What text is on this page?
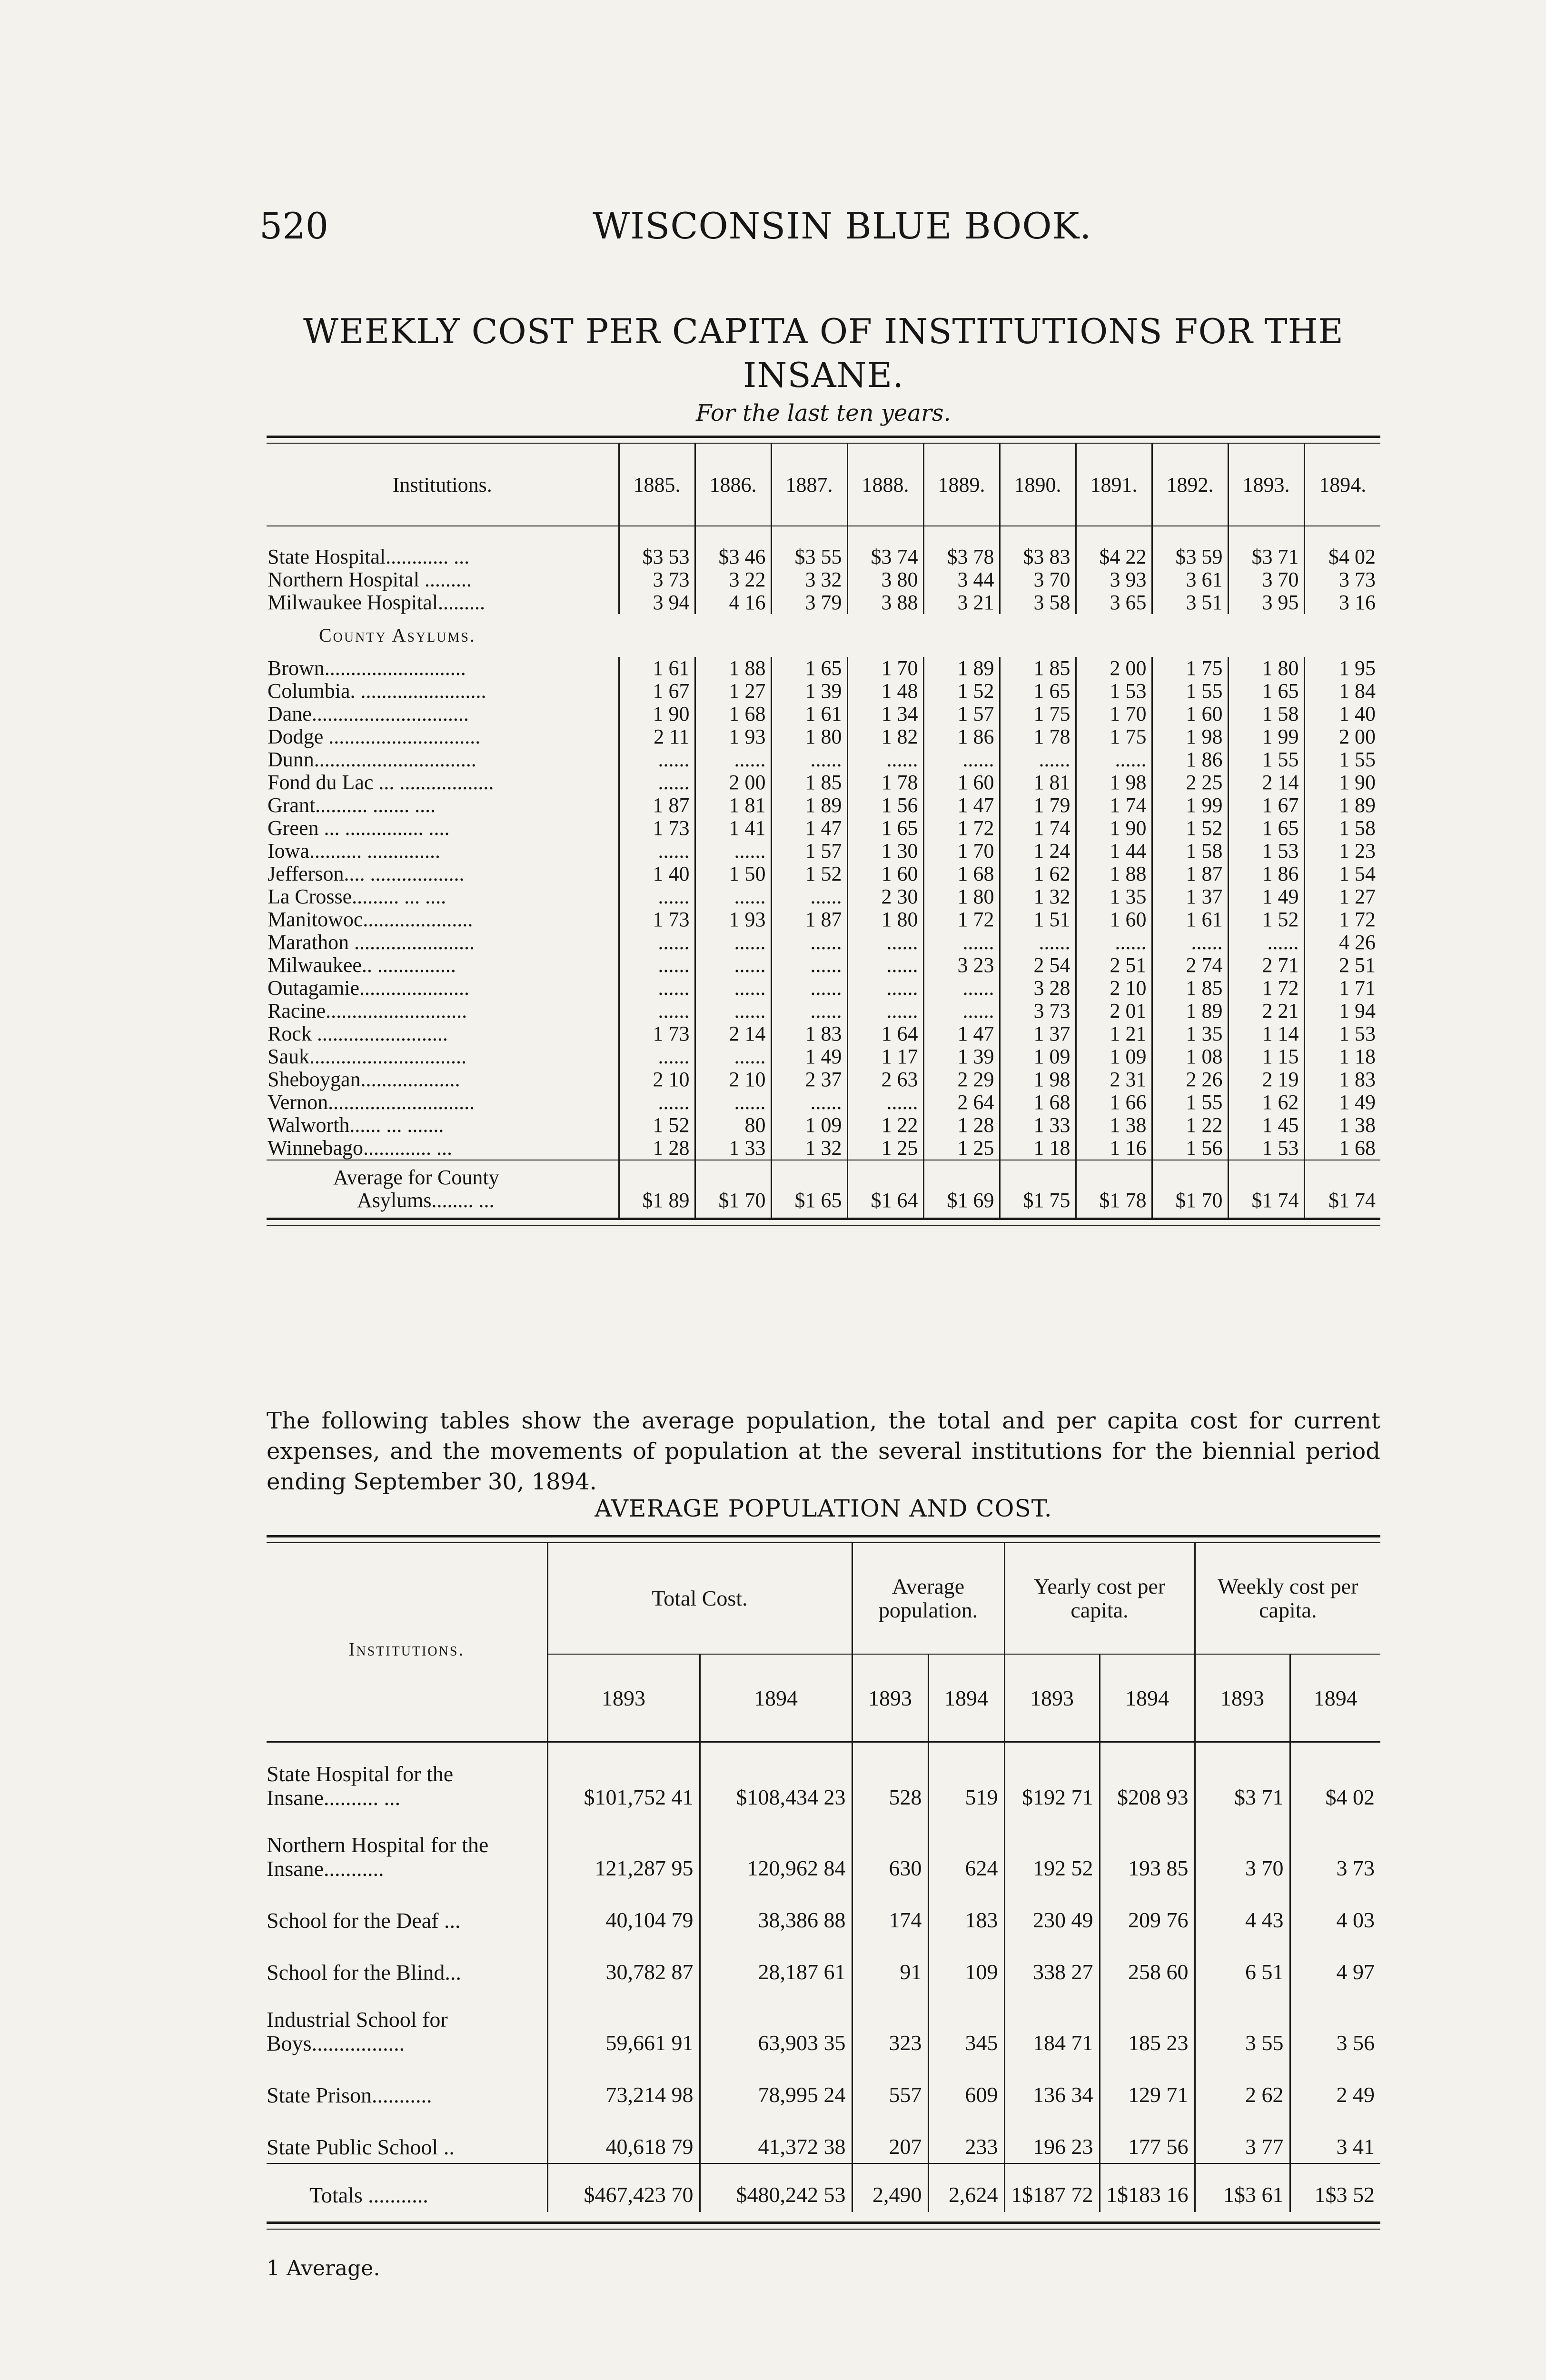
520	WISCONSIN BLUE BOOK.
WEEKLY COST PER CAPITA OF INSTITUTIONS FOR THE
INSANE.
For the last ten years.
Institutions.	1885.	1886.	1887.	1888.	1889.	1890.	1891.	1892.	1893.	1894.

State Hospital............ ...	$3 53	$3 46	$3 55	$3 74	$3 78	$3 83	$4 22	$3 59	$3 71	$4 02
Northern Hospital .........	3 73	3 22	3 32	3 80	3 44	3 70	3 93	3 61	3 70	3 73
Milwaukee Hospital.........	3 94	4 16	3 79	3 88	3 21	3 58	3 65	3 51	3 95	3 16
County Asylums.										
Brown...........................	1 61	1 88	1 65	1 70	1 89	1 85	2 00	1 75	1 80	1 95
Columbia. ........................	1 67	1 27	1 39	1 48	1 52	1 65	1 53	1 55	1 65	1 84
Dane..............................	1 90	1 68	1 61	1 34	1 57	1 75	1 70	1 60	1 58	1 40
Dodge .............................	2 11	1 93	1 80	1 82	1 86	1 78	1 75	1 98	1 99	2 00
Dunn...............................	......	......	......	......	......	......	......	1 86	1 55	1 55
Fond du Lac ... ..................	......	2 00	1 85	1 78	1 60	1 81	1 98	2 25	2 14	1 90
Grant.......... ....... ....	1 87	1 81	1 89	1 56	1 47	1 79	1 74	1 99	1 67	1 89
Green ... ............... ....	1 73	1 41	1 47	1 65	1 72	1 74	1 90	1 52	1 65	1 58
Iowa.......... ..............	......	......	1 57	1 30	1 70	1 24	1 44	1 58	1 53	1 23
Jefferson.... ..................	1 40	1 50	1 52	1 60	1 68	1 62	1 88	1 87	1 86	1 54
La Crosse......... ... ....	......	......	......	2 30	1 80	1 32	1 35	1 37	1 49	1 27
Manitowoc.....................	1 73	1 93	1 87	1 80	1 72	1 51	1 60	1 61	1 52	1 72
Marathon .......................	......	......	......	......	......	......	......	......	......	4 26
Milwaukee.. ...............	......	......	......	......	3 23	2 54	2 51	2 74	2 71	2 51
Outagamie.....................	......	......	......	......	......	3 28	2 10	1 85	1 72	1 71
Racine...........................	......	......	......	......	......	3 73	2 01	1 89	2 21	1 94
Rock .........................	1 73	2 14	1 83	1 64	1 47	1 37	1 21	1 35	1 14	1 53
Sauk..............................	......	......	1 49	1 17	1 39	1 09	1 09	1 08	1 15	1 18
Sheboygan...................	2 10	2 10	2 37	2 63	2 29	1 98	2 31	2 26	2 19	1 83
Vernon............................	......	......	......	......	2 64	1 68	1 66	1 55	1 62	1 49
Walworth...... ... .......	1 52	80	1 09	1 22	1 28	1 33	1 38	1 22	1 45	1 38
Winnebago............. ...	1 28	1 33	1 32	1 25	1 25	1 18	1 16	1 56	1 53	1 68
Average for County										
Asylums........ ...	$1 89	$1 70	$1 65	$1 64	$1 69	$1 75	$1 78	$1 70	$1 74	$1 74

The following tables show the average population, the total and per capita cost for current expenses, and the movements of population at the several institutions for the biennial period ending September 30, 1894.

AVERAGE POPULATION AND COST.
Institutions.	Total Cost.		Average population.		Yearly cost per capita.		Weekly cost per capita.	
	1893	1894	1893	1894	1893	1894	1893	1894
State Hospital for the Insane.......... ...	$101,752 41	$108,434 23	528	519	$192 71	$208 93	$3 71	$4 02
Northern Hospital for the Insane...........	121,287 95	120,962 84	630	624	192 52	193 85	3 70	3 73
School for the Deaf ...	40,104 79	38,386 88	174	183	230 49	209 76	4 43	4 03
School for the Blind...	30,782 87	28,187 61	91	109	338 27	258 60	6 51	4 97
Industrial School for Boys.................	59,661 91	63,903 35	323	345	184 71	185 23	3 55	3 56
State Prison...........	73,214 98	78,995 24	557	609	136 34	129 71	2 62	2 49
State Public School ..	40,618 79	41,372 38	207	233	196 23	177 56	3 77	3 41
Totals ...........	$467,423 70	$480,242 53	2,490	2,624	1$187 72	1$183 16	1$3 61	1$3 52
1 Average.
